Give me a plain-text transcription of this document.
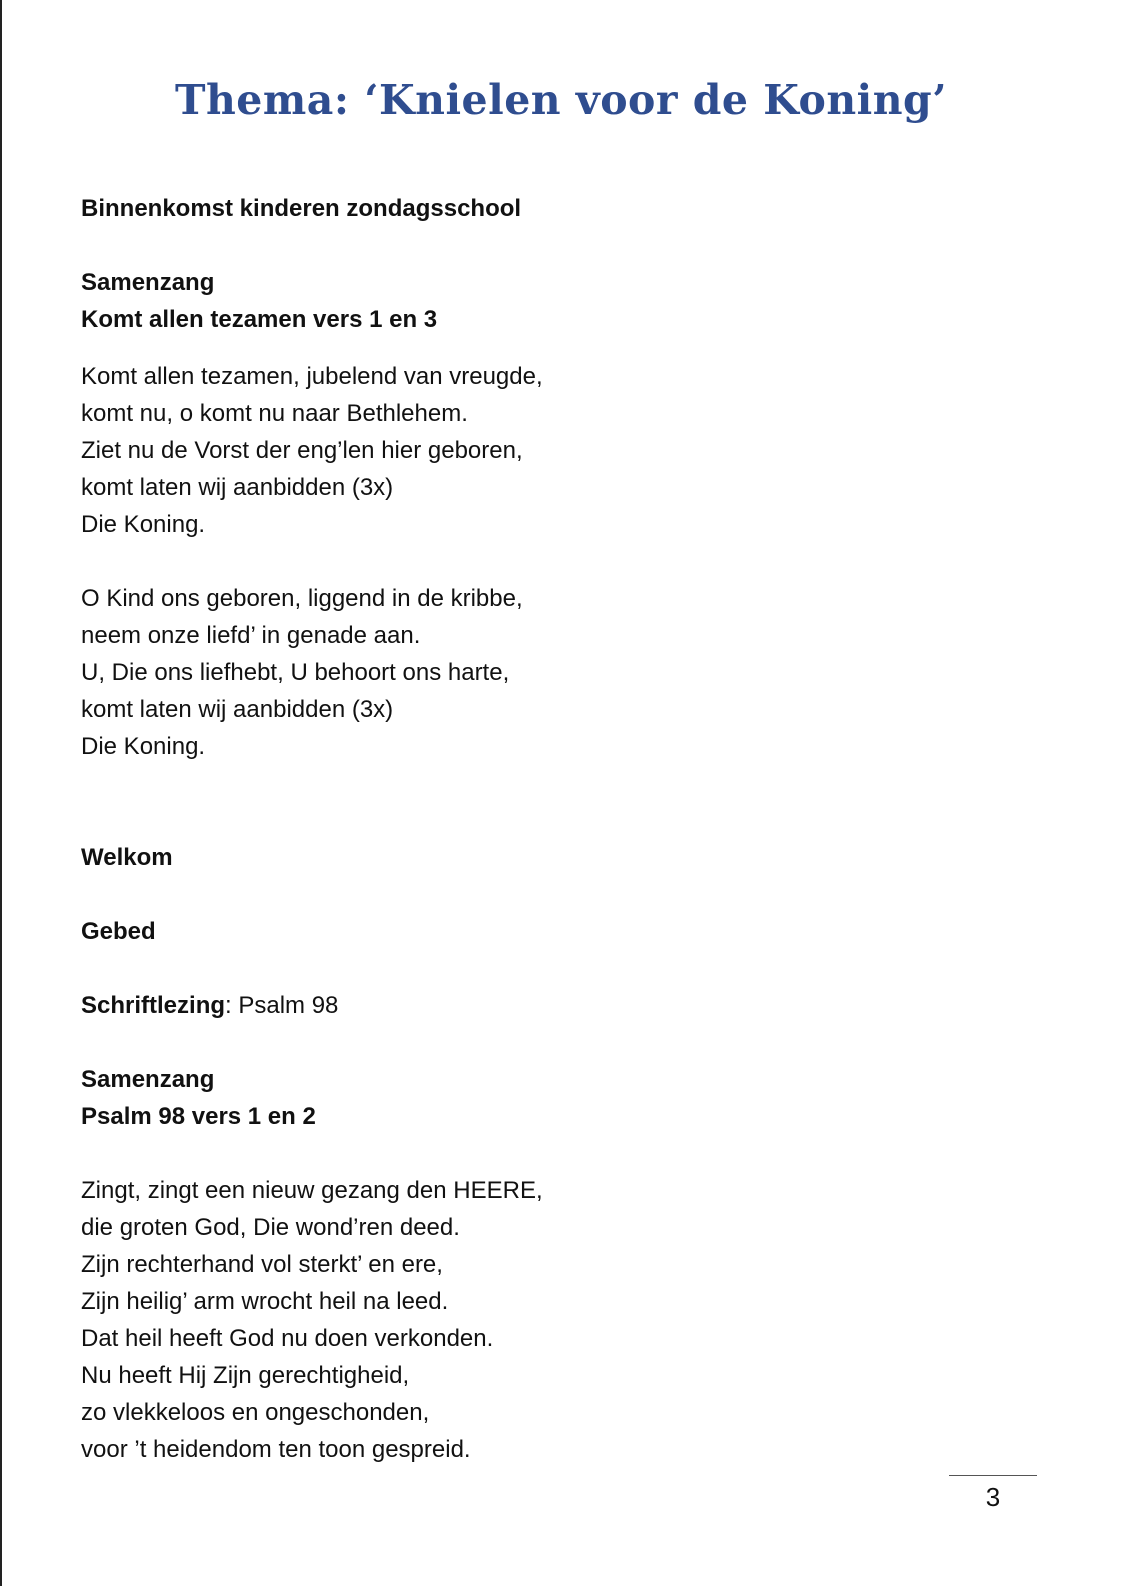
Thema: ‘Knielen voor de Koning’

Binnenkomst kinderen zondagsschool

Samenzang

Komt allen tezamen vers 1 en 3

Komt allen tezamen, jubelend van vreugde,

komt nu, o komt nu naar Bethlehem.

Ziet nu de Vorst der eng’len hier geboren,

komt laten wij aanbidden (3x)

Die Koning.

O Kind ons geboren, liggend in de kribbe,

neem onze liefd’ in genade aan.

U, Die ons liefhebt, U behoort ons harte,

komt laten wij aanbidden (3x)

Die Koning.

Welkom

Gebed

Schriftlezing: Psalm 98

Samenzang

Psalm 98 vers 1 en 2

Zingt, zingt een nieuw gezang den HEERE,

die groten God, Die wond’ren deed.

Zijn rechterhand vol sterkt’ en ere,

Zijn heilig’ arm wrocht heil na leed.

Dat heil heeft God nu doen verkonden.

Nu heeft Hij Zijn gerechtigheid,

zo vlekkeloos en ongeschonden,

voor ’t heidendom ten toon gespreid.

3
